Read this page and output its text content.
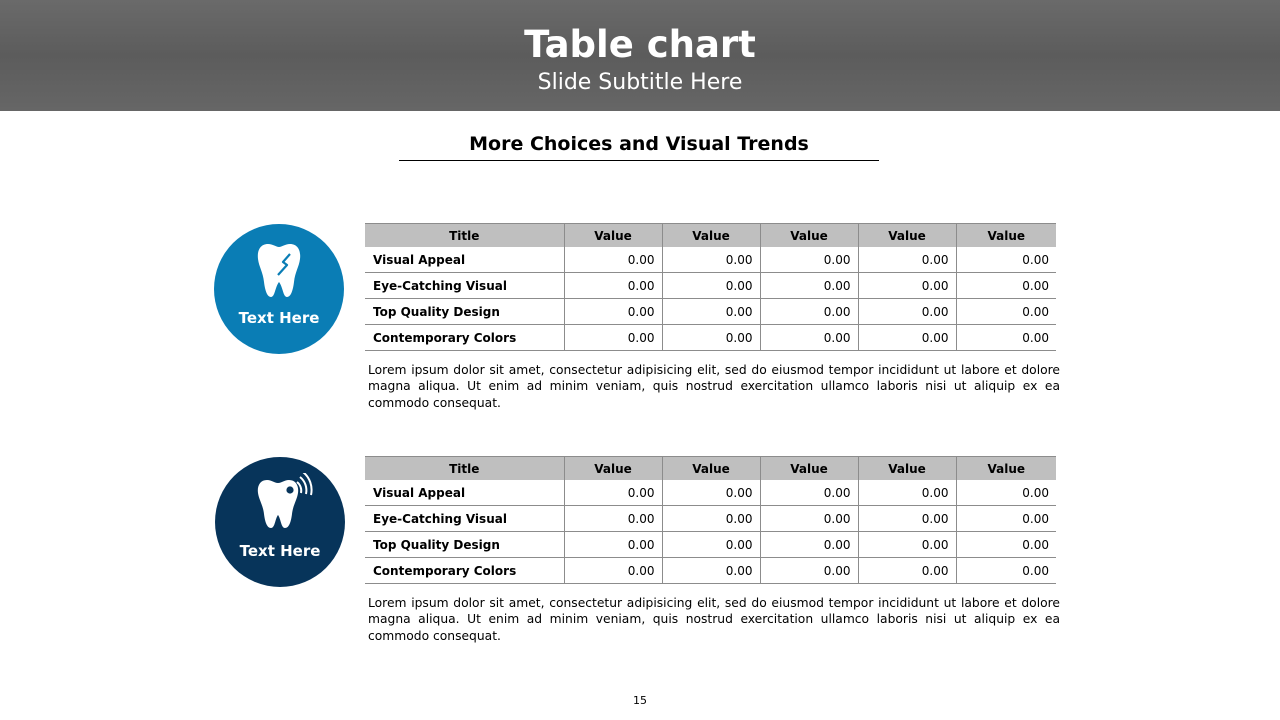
Table chart
Slide Subtitle Here
More Choices and Visual Trends
Text Here
Title	Value	Value	Value	Value	Value
Visual Appeal	0.00	0.00	0.00	0.00	0.00
Eye-Catching Visual	0.00	0.00	0.00	0.00	0.00
Top Quality Design	0.00	0.00	0.00	0.00	0.00
Contemporary Colors	0.00	0.00	0.00	0.00	0.00
Lorem ipsum dolor sit amet, consectetur adipisicing elit, sed do eiusmod tempor incididunt ut labore et dolore magna aliqua. Ut enim ad minim veniam, quis nostrud exercitation ullamco laboris nisi ut aliquip ex ea commodo consequat.
Text Here
Title	Value	Value	Value	Value	Value
Visual Appeal	0.00	0.00	0.00	0.00	0.00
Eye-Catching Visual	0.00	0.00	0.00	0.00	0.00
Top Quality Design	0.00	0.00	0.00	0.00	0.00
Contemporary Colors	0.00	0.00	0.00	0.00	0.00
Lorem ipsum dolor sit amet, consectetur adipisicing elit, sed do eiusmod tempor incididunt ut labore et dolore magna aliqua. Ut enim ad minim veniam, quis nostrud exercitation ullamco laboris nisi ut aliquip ex ea commodo consequat.
15
